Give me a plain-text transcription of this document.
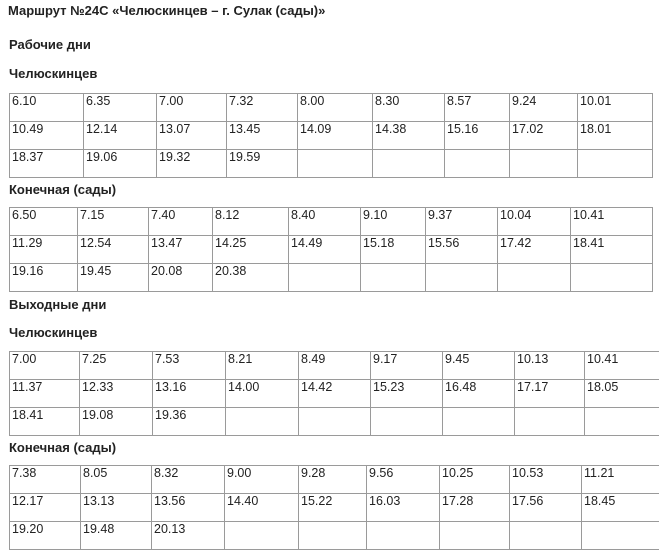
Маршрут №24С «Челюскинцев – г. Сулак (сады)»
Рабочие дни
Челюскинцев
6.10	6.35	7.00	7.32	8.00	8.30	8.57	9.24	10.01
10.49	12.14	13.07	13.45	14.09	14.38	15.16	17.02	18.01
18.37	19.06	19.32	19.59					
Конечная (сады)
6.50	7.15	7.40	8.12	8.40	9.10	9.37	10.04	10.41
11.29	12.54	13.47	14.25	14.49	15.18	15.56	17.42	18.41
19.16	19.45	20.08	20.38					
Выходные дни
Челюскинцев
7.00	7.25	7.53	8.21	8.49	9.17	9.45	10.13	10.41
11.37	12.33	13.16	14.00	14.42	15.23	16.48	17.17	18.05
18.41	19.08	19.36						
Конечная (сады)
7.38	8.05	8.32	9.00	9.28	9.56	10.25	10.53	11.21
12.17	13.13	13.56	14.40	15.22	16.03	17.28	17.56	18.45
19.20	19.48	20.13						
